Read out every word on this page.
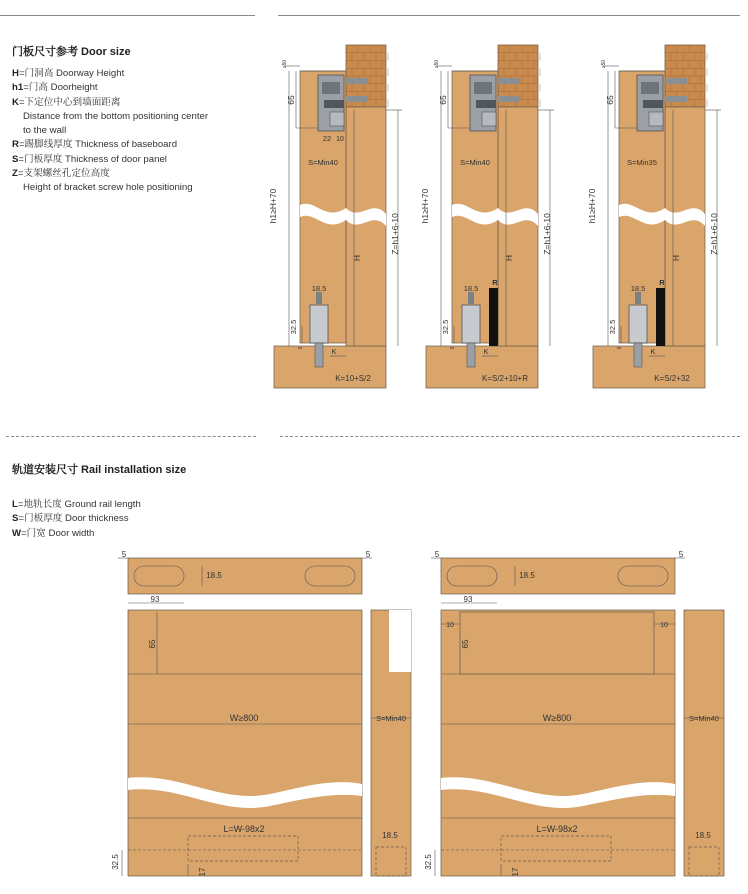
门板尺寸参考 Door size
H=门洞高 Doorway Height
h1=门高 Doorheight
K=下定位中心到墙面距离
Distance from the bottom positioning center
to the wall
R=踢脚线厚度 Thickness of baseboard
S=门板厚度 Thickness of door panel
Z=支架螺丝孔定位高度
Height of bracket screw hole positioning
轨道安装尺寸 Rail installation size
L=地轨长度 Ground rail length
S=门板厚度 Door thickness
W=门宽 Door width
≥50
65
22 10
S=Min40
h1≥H+70
H
Z=h1+6-10
18.5
32.5
6	K
K=10+S/2
≥50
65
S=Min40
h1≥H+70
H
Z=h1+6-10
R
18.5
32.5
6	K
K=S/2+10+R
≥50
65
S=Min35
h1≥H+70
H
Z=h1+6-10
R
18.5
32.5
6	K
K=S/2+32
5	5
18.5
93
65
W≥800	S=Min40
L=W-98x2
18.5
32.5
17
5	5
18.5
93
65
10	10
W≥800	S=Min40
L=W-98x2
18.5
32.5
17
